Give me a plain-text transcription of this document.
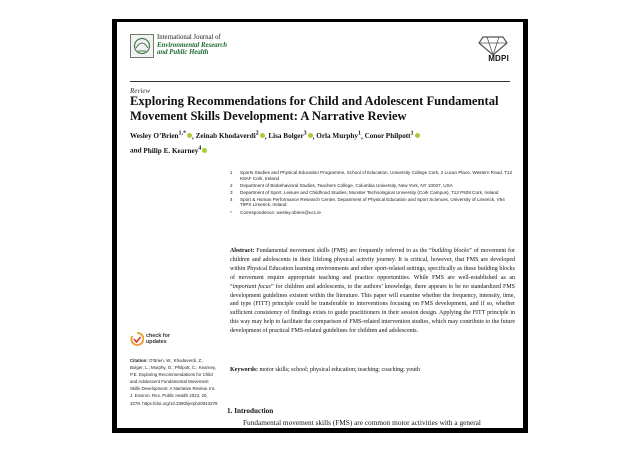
International Journal of
Environmental Research
and Public Health
MDPI
Review
Exploring Recommendations for Child and Adolescent Fundamental Movement Skills Development: A Narrative Review
Wesley O’Brien$^{1,*}$ , Zeinab Khodaverdi$^2$ , Lisa Bolger$^3$ , Orla Murphy$^1$, Conor Philpott$^1$
and Philip E. Kearney$^4$
1	Sports Studies and Physical Education Programme, School of Education, University College Cork, 2 Lucan Place, Western Road, T12 K8AF Cork, Ireland
2	Department of Biobehavioral Studies, Teachers College, Columbia University, New York, NY 10027, USA
3	Department of Sport, Leisure and Childhood Studies, Munster Technological University (Cork Campus), T12 P928 Cork, Ireland
4	Sport & Human Performance Research Centre, Department of Physical Education and Sport Sciences, University of Limerick, V94 T9PX Limerick, Ireland
*	Correspondence: wesley.obrien@ucc.ie
Abstract: Fundamental movement skills (FMS) are frequently referred to as the “building blocks” of movement for children and adolescents in their lifelong physical activity journey. It is critical, however, that FMS are developed within Physical Education learning environments and other sport-related settings, specifically as these building blocks of movement require appropriate teaching and practice opportunities. While FMS are well-established as an “important focus” for children and adolescents, to the authors’ knowledge, there appears to be no standardized FMS development guidelines existent within the literature. This paper will examine whether the frequency, intensity, time, and type (FITT) principle could be transferable to interventions focusing on FMS development, and if so, whether sufficient consistency of findings exists to guide practitioners in their session design. Applying the FITT principle in this way may help to facilitate the comparison of FMS-related intervention studies, which may contribute to the future development of practical FMS-related guidelines for children and adolescents.
Keywords: motor skills; school; physical education; teaching; coaching; youth
check for
updates
Citation: O’Brien, W.; Khodaverdi, Z.; Bolger, L.; Murphy, O.; Philpott, C.; Kearney, P.E. Exploring Recommendations for Child and Adolescent Fundamental Movement Skills Development: A Narrative Review. Int. J. Environ. Res. Public Health 2023, 20, 3278. https://doi.org/10.3390/ijerph20043278
1. Introduction
Fundamental movement skills (FMS) are common motor activities with a general
